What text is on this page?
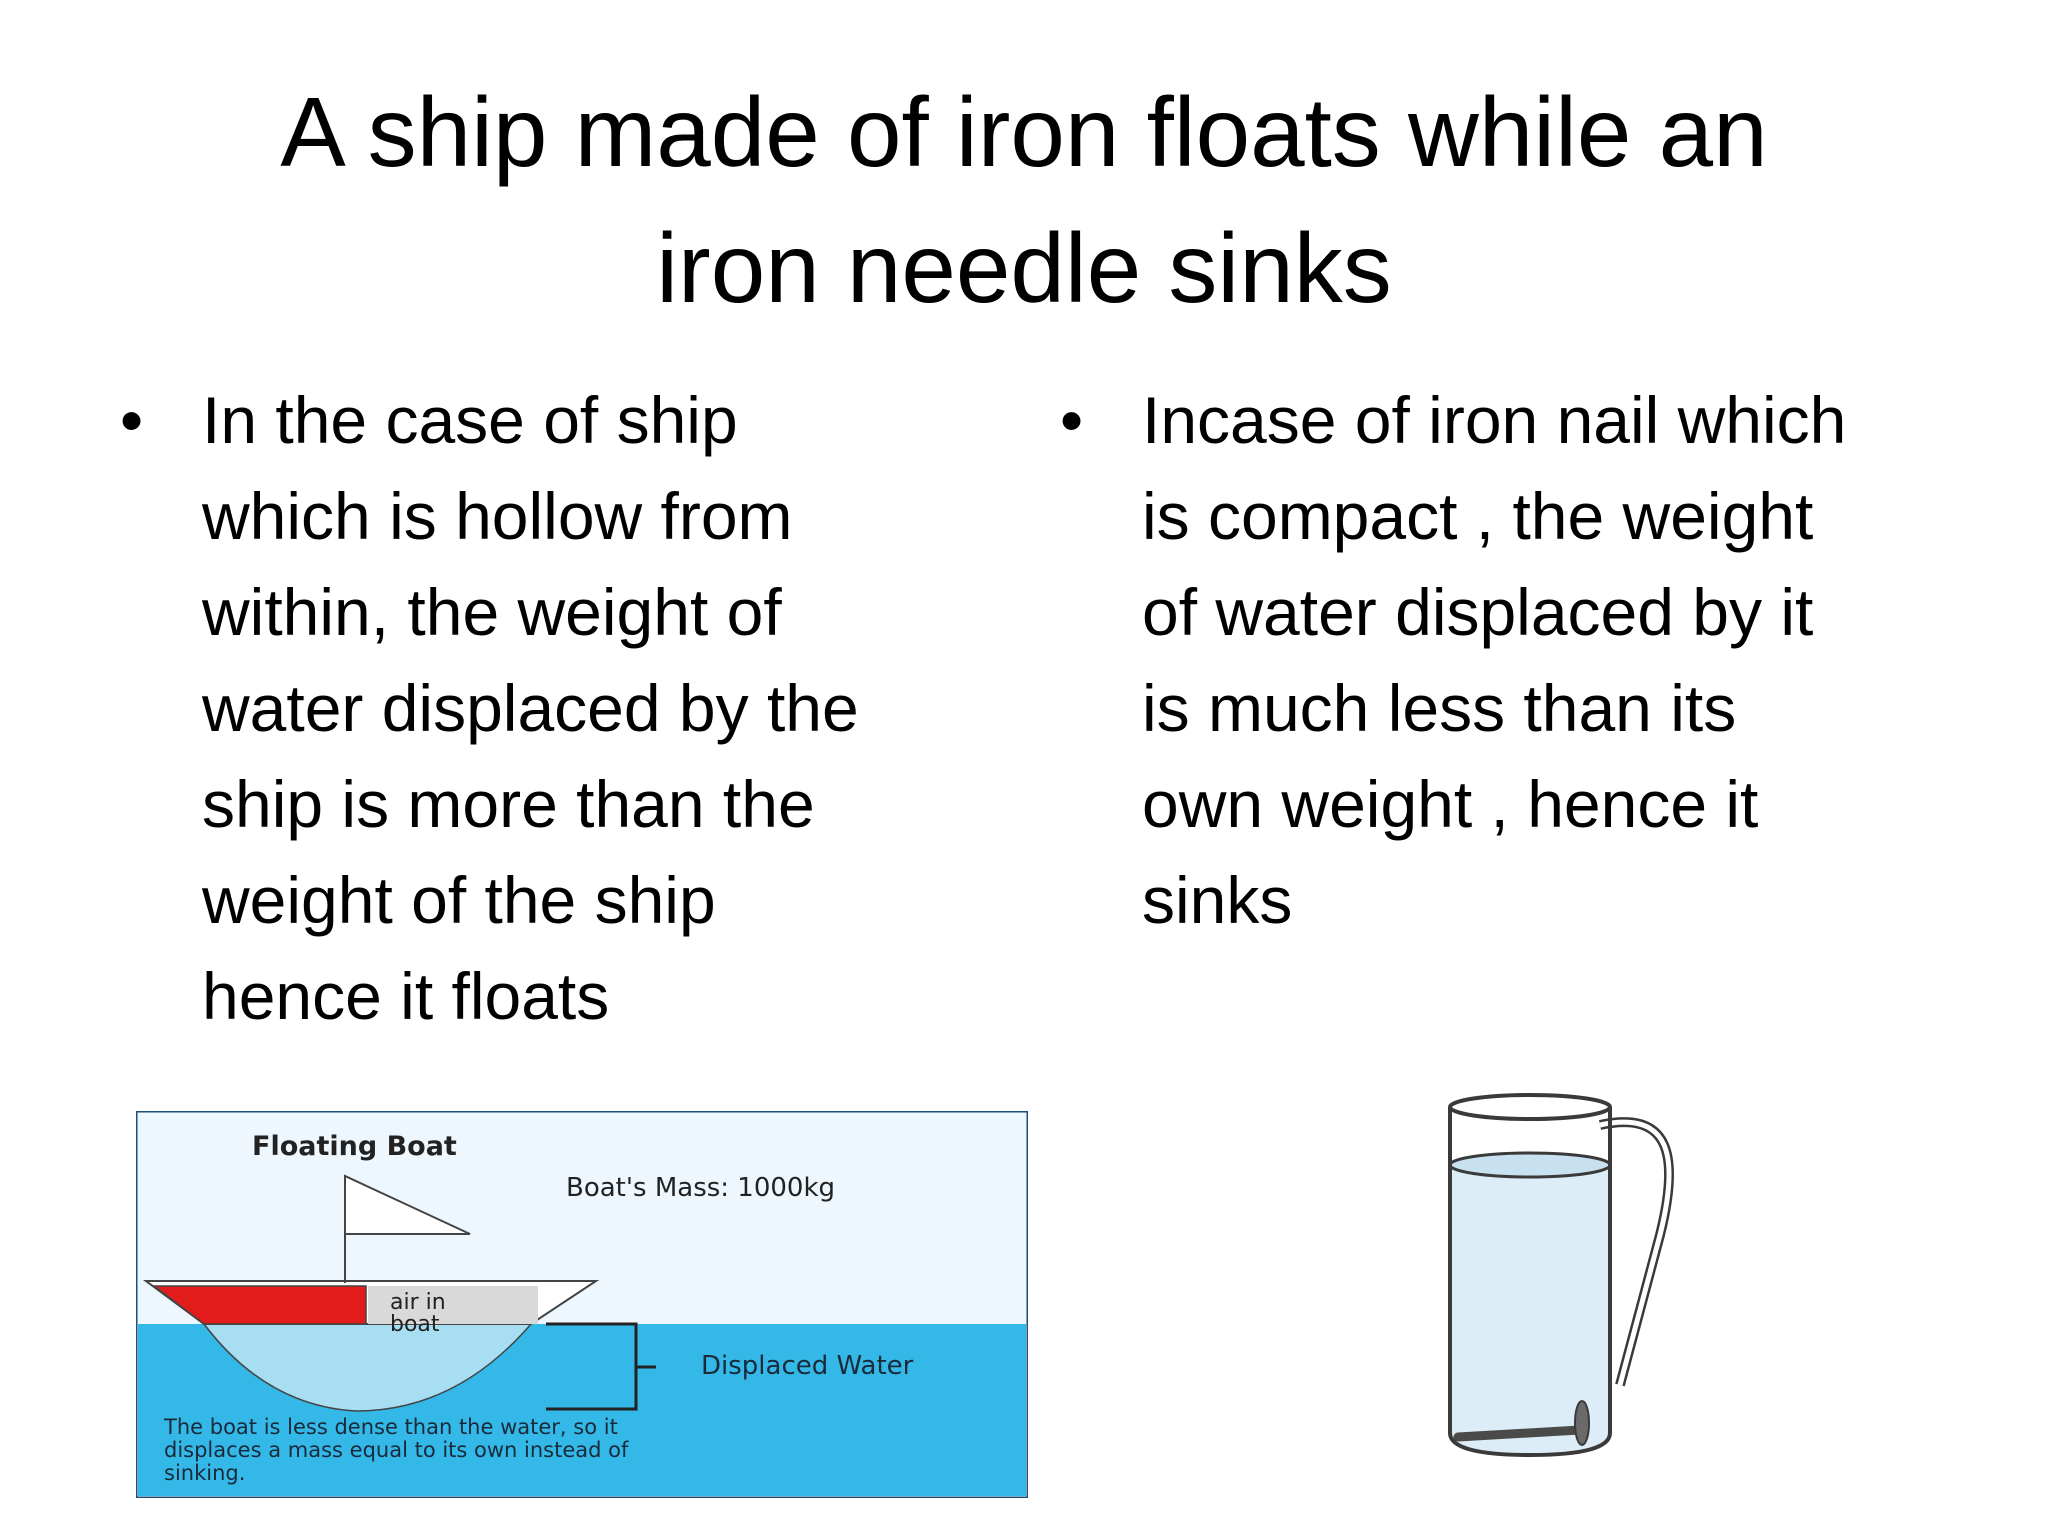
A ship made of iron floats while an
iron needle sinks
• In the case of ship
which is hollow from
within, the weight of
water displaced by the
ship is more than the
weight of the ship
hence it floats
• Incase of iron nail which
is compact , the weight
of water displaced by it
is much less than its
own weight , hence it
sinks
Floating Boat
Boat's Mass: 1000kg
air in
boat
Displaced Water
The boat is less dense than the water, so it
displaces a mass equal to its own instead of
sinking.
